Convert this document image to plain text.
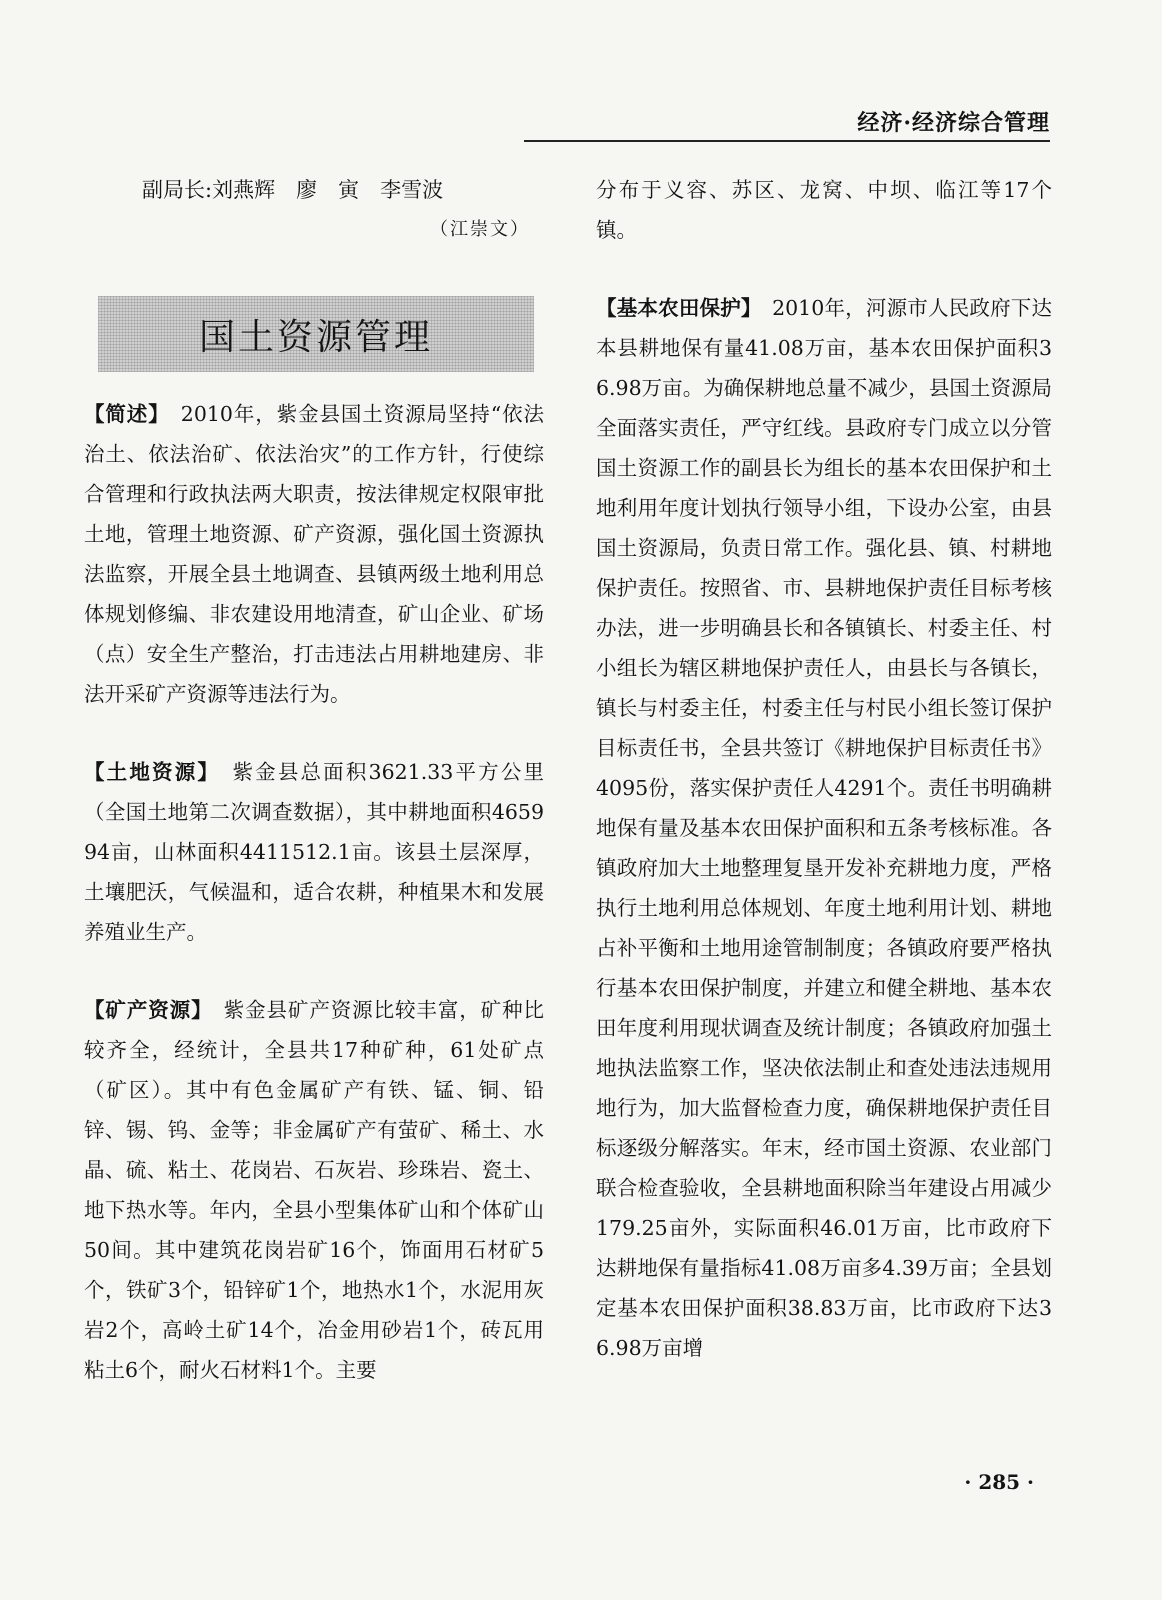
经济·经济综合管理

副局长:刘燕辉　廖　寅　李雪波

（江崇文）

国土资源管理

【简述】　2010年，紫金县国土资源局坚持“依法治土、依法治矿、依法治灾”的工作方针，行使综合管理和行政执法两大职责，按法律规定权限审批土地，管理土地资源、矿产资源，强化国土资源执法监察，开展全县土地调查、县镇两级土地利用总体规划修编、非农建设用地清查，矿山企业、矿场（点）安全生产整治，打击违法占用耕地建房、非法开采矿产资源等违法行为。

【土地资源】　紫金县总面积3621.33平方公里（全国土地第二次调查数据），其中耕地面积465994亩，山林面积4411512.1亩。该县土层深厚，土壤肥沃，气候温和，适合农耕，种植果木和发展养殖业生产。

【矿产资源】　紫金县矿产资源比较丰富，矿种比较齐全，经统计，全县共17种矿种，61处矿点（矿区）。其中有色金属矿产有铁、锰、铜、铅锌、锡、钨、金等；非金属矿产有萤矿、稀土、水晶、硫、粘土、花岗岩、石灰岩、珍珠岩、瓷土、地下热水等。年内，全县小型集体矿山和个体矿山50间。其中建筑花岗岩矿16个，饰面用石材矿5个，铁矿3个，铅锌矿1个，地热水1个，水泥用灰岩2个，高岭土矿14个，冶金用砂岩1个，砖瓦用粘土6个，耐火石材料1个。主要

分布于义容、苏区、龙窝、中坝、临江等17个镇。

【基本农田保护】　2010年，河源市人民政府下达本县耕地保有量41.08万亩，基本农田保护面积36.98万亩。为确保耕地总量不减少，县国土资源局全面落实责任，严守红线。县政府专门成立以分管国土资源工作的副县长为组长的基本农田保护和土地利用年度计划执行领导小组，下设办公室，由县国土资源局，负责日常工作。强化县、镇、村耕地保护责任。按照省、市、县耕地保护责任目标考核办法，进一步明确县长和各镇镇长、村委主任、村小组长为辖区耕地保护责任人，由县长与各镇长，镇长与村委主任，村委主任与村民小组长签订保护目标责任书，全县共签订《耕地保护目标责任书》4095份，落实保护责任人4291个。责任书明确耕地保有量及基本农田保护面积和五条考核标准。各镇政府加大土地整理复垦开发补充耕地力度，严格执行土地利用总体规划、年度土地利用计划、耕地占补平衡和土地用途管制制度；各镇政府要严格执行基本农田保护制度，并建立和健全耕地、基本农田年度利用现状调查及统计制度；各镇政府加强土地执法监察工作，坚决依法制止和查处违法违规用地行为，加大监督检查力度，确保耕地保护责任目标逐级分解落实。年末，经市国土资源、农业部门联合检查验收，全县耕地面积除当年建设占用减少179.25亩外，实际面积46.01万亩，比市政府下达耕地保有量指标41.08万亩多4.39万亩；全县划定基本农田保护面积38.83万亩，比市政府下达36.98万亩增

· 285 ·
